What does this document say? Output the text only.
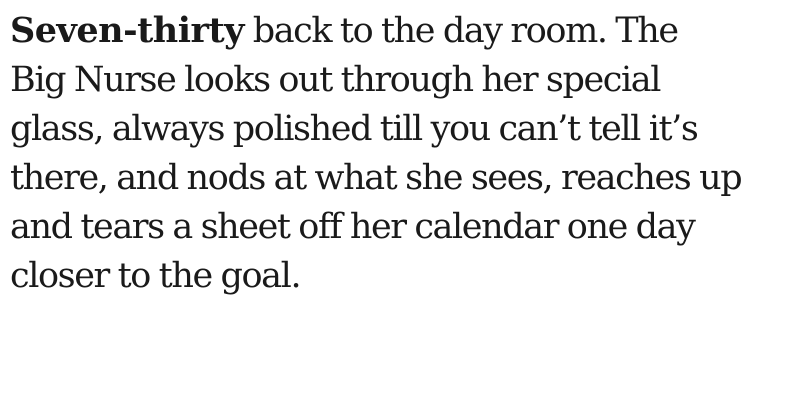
Seven-thirty back to the day room. The
Big Nurse looks out through her special
glass, always polished till you can’t tell it’s
there, and nods at what she sees, reaches up
and tears a sheet off her calendar one day
closer to the goal.
